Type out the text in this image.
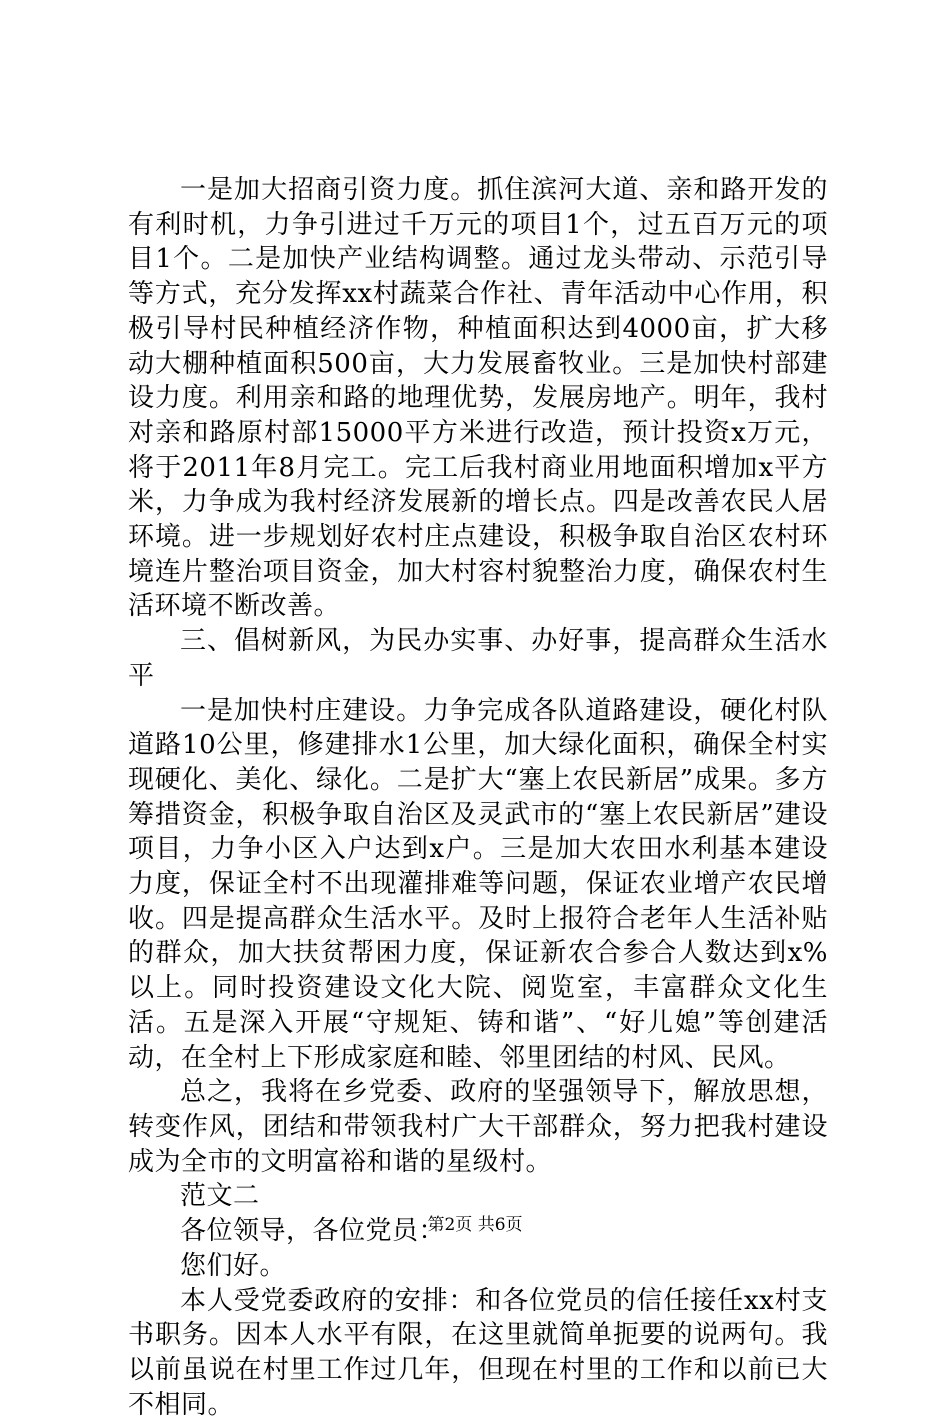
一是加大招商引资力度。抓住滨河大道、亲和路开发的有利时机，力争引进过千万元的项目1个，过五百万元的项目1个。二是加快产业结构调整。通过龙头带动、示范引导等方式，充分发挥xx村蔬菜合作社、青年活动中心作用，积极引导村民种植经济作物，种植面积达到4000亩，扩大移动大棚种植面积500亩，大力发展畜牧业。三是加快村部建设力度。利用亲和路的地理优势，发展房地产。明年，我村对亲和路原村部15000平方米进行改造，预计投资x万元，将于2011年8月完工。完工后我村商业用地面积增加x平方米，力争成为我村经济发展新的增长点。四是改善农民人居环境。进一步规划好农村庄点建设，积极争取自治区农村环境连片整治项目资金，加大村容村貌整治力度，确保农村生活环境不断改善。

三、倡树新风，为民办实事、办好事，提高群众生活水平

一是加快村庄建设。力争完成各队道路建设，硬化村队道路10公里，修建排水1公里，加大绿化面积，确保全村实现硬化、美化、绿化。二是扩大“塞上农民新居”成果。多方筹措资金，积极争取自治区及灵武市的“塞上农民新居”建设项目，力争小区入户达到x户。三是加大农田水利基本建设力度，保证全村不出现灌排难等问题，保证农业增产农民增收。四是提高群众生活水平。及时上报符合老年人生活补贴的群众，加大扶贫帮困力度，保证新农合参合人数达到x%以上。同时投资建设文化大院、阅览室，丰富群众文化生活。五是深入开展“守规矩、铸和谐”、“好儿媳”等创建活动，在全村上下形成家庭和睦、邻里团结的村风、民风。

总之，我将在乡党委、政府的坚强领导下，解放思想，转变作风，团结和带领我村广大干部群众，努力把我村建设成为全市的文明富裕和谐的星级村。

范文二

各位领导，各位党员：

您们好。

本人受党委政府的安排：和各位党员的信任接任xx村支书职务。因本人水平有限，在这里就简单扼要的说两句。我以前虽说在村里工作过几年，但现在村里的工作和以前已大不相同。

第2页 共6页
